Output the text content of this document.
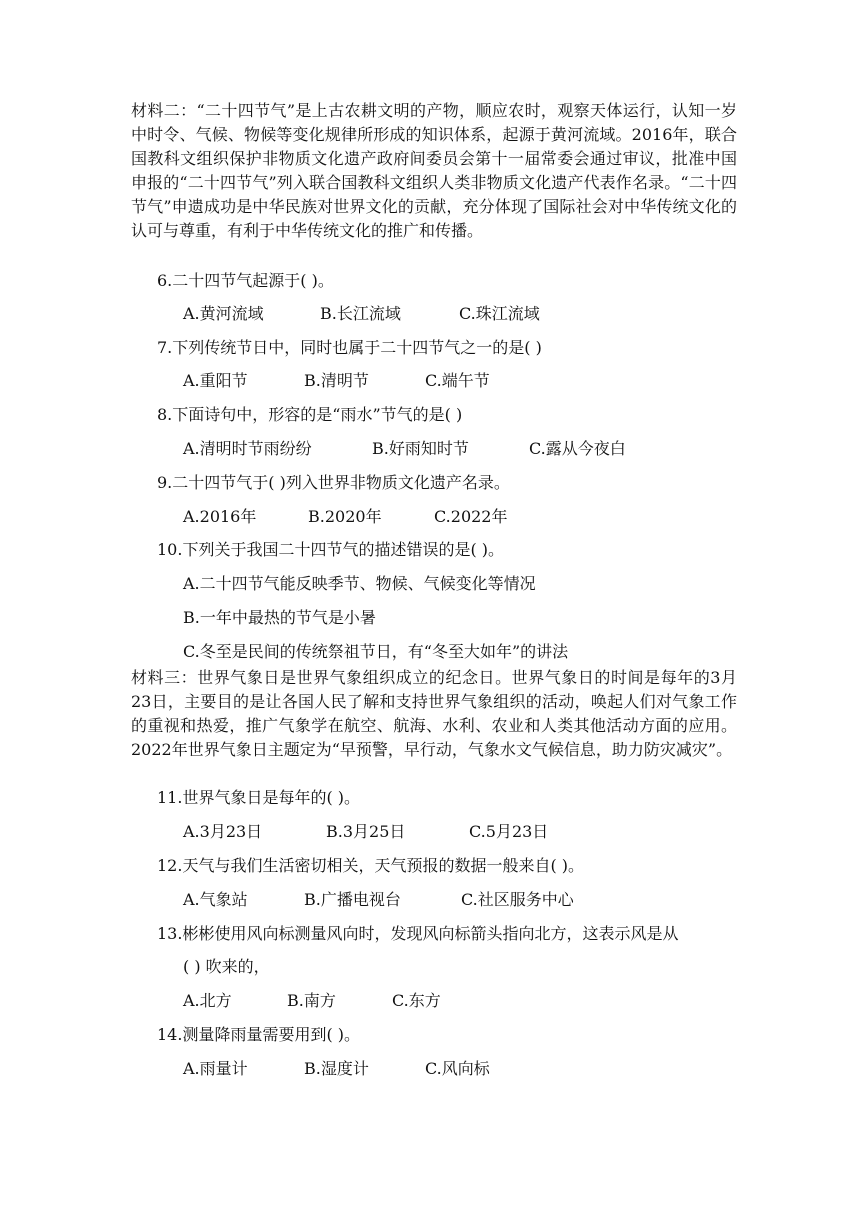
材料二：“二十四节气”是上古农耕文明的产物，顺应农时，观察天体运行，认知一岁中时令、气候、物候等变化规律所形成的知识体系，起源于黄河流域。2016年，联合国教科文组织保护非物质文化遗产政府间委员会第十一届常委会通过审议，批准中国申报的“二十四节气”列入联合国教科文组织人类非物质文化遗产代表作名录。“二十四节气”申遗成功是中华民族对世界文化的贡献，充分体现了国际社会对中华传统文化的认可与尊重，有利于中华传统文化的推广和传播。

6.二十四节气起源于( )。
A.黄河流域	B.长江流域	C.珠江流域
7.下列传统节日中，同时也属于二十四节气之一的是( )
A.重阳节	B.清明节	C.端午节
8.下面诗句中，形容的是“雨水”节气的是( )
A.清明时节雨纷纷	B.好雨知时节	C.露从今夜白
9.二十四节气于( )列入世界非物质文化遗产名录。
A.2016年	B.2020年	C.2022年
10.下列关于我国二十四节气的描述错误的是( )。
A.二十四节气能反映季节、物候、气候变化等情况
B.一年中最热的节气是小暑
C.冬至是民间的传统祭祖节日，有“冬至大如年”的讲法

材料三：世界气象日是世界气象组织成立的纪念日。世界气象日的时间是每年的3月23日，主要目的是让各国人民了解和支持世界气象组织的活动，唤起人们对气象工作的重视和热爱，推广气象学在航空、航海、水利、农业和人类其他活动方面的应用。2022年世界气象日主题定为“早预警，早行动，气象水文气候信息，助力防灾减灾”。

11.世界气象日是每年的( )。
A.3月23日	B.3月25日	C.5月23日
12.天气与我们生活密切相关，天气预报的数据一般来自( )。
A.气象站	B.广播电视台	C.社区服务中心
13.彬彬使用风向标测量风向时，发现风向标箭头指向北方，这表示风是从
( ) 吹来的，
A.北方	B.南方	C.东方
14.测量降雨量需要用到( )。
A.雨量计	B.湿度计	C.风向标
